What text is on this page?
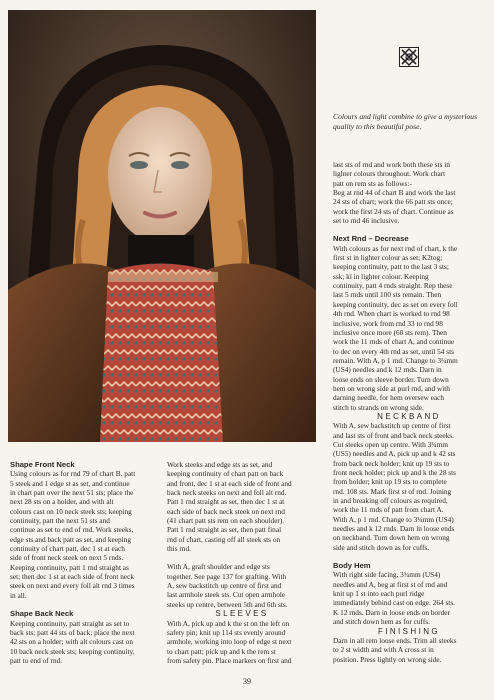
Colours and light combine to give a mysterious quality to this beautiful pose.

Shape Front Neck

Using colours as for rnd 79 of chart B, patt
5 steek and 1 edge st as set, and continue
in chart patt over the next 51 sts; place the
next 28 sts on a holder, and with alt
colours cast on 10 neck steek sts; keeping
continuity, patt the next 51 sts and
continue as set to end of rnd. Work steeks,
edge sts and back patt as set, and keeping
continuity of chart patt, dec 1 st at each
side of front neck steek on next 5 rnds.
Keeping continuity, patt 1 rnd straight as
set; then dec 1 st at each side of front neck
steek on next and every foll alt rnd 3 times
in all.

Shape Back Neck

Keeping continuity, patt straight as set to
back sts; patt 44 sts of back; place the next
42 sts on a holder; with alt colours cast on
10 back neck steek sts; keeping continuity,
patt to end of rnd.
Work steeks and edge sts as set, and
keeping continuity of chart patt on back
and front, dec 1 st at each side of front and
back neck steeks on next and foll alt rnd.
Patt 1 rnd straight as set, then dec 1 st at
each side of back neck steek on next rnd
(41 chart patt sts rem on each shoulder).
Patt 1 rnd straight as set, then patt final
rnd of chart, casting off all steek sts on
this rnd.
With A, graft shoulder and edge sts
together. See page 137 for grafting. With
A, sew backstitch up centre of first and
last armhole steek sts. Cut open armhole
steeks up centre, between 5th and 6th sts.

SLEEVES

With A, pick up and k the st on the left on
safety pin; knit up 114 sts evenly around
armhole, working into loop of edge st next
to chart patt; pick up and k the rem st
from safety pin. Place markers on first and
last sts of rnd and work both these sts in
lighter colours throughout. Work chart
patt on rem sts as follows:-
Beg at rnd 44 of chart B and work the last
24 sts of chart; work the 66 patt sts once;
work the first 24 sts of chart. Continue as
set to rnd 46 inclusive.

Next Rnd – Decrease

With colours as for next rnd of chart, k the
first st in lighter colour as set; K2tog;
keeping continuity, patt to the last 3 sts;
ssk; kl in lighter colour. Keeping
continuity, patt 4 rnds straight. Rep these
last 5 rnds until 100 sts remain. Then
keeping continuity, dec as set on every foll
4th rnd. When chart is worked to rnd 98
inclusive, work from rnd 33 to rnd 98
inclusive once more (60 sts rem). Then
work the 11 rnds of chart A, and continue
to dec on every 4th rnd as set, until 54 sts
remain. With A, p 1 rnd. Change to 3¼mm
(US4) needles and k 12 rnds. Darn in
loose ends on sleeve border. Turn down
hem on wrong side at purl rnd, and with
darning needle, for hem oversew each
stitch to strands on wrong side.

NECKBAND

With A, sew backstitch up centre of first
and last sts of front and back neck steeks.
Cut steeks open up centre. With 3¾mm
(US5) needles and A, pick up and k 42 sts
from back neck holder; knit up 19 sts to
front neck holder; pick up and k the 28 sts
from holder; knit up 19 sts to complete
rnd. 108 sts. Mark first st of rnd. Joining
in and breaking off colours as required,
work the 11 rnds of patt from chart A.
With A, p 1 rnd. Change to 3¼mm (US4)
needles and k 12 rnds. Darn in loose ends
on neckband. Turn down hem on wrong
side and stitch down as for cuffs.

Body Hem

With right side facing, 3¾mm (US4)
needles and A, beg at first st of rnd and
knit up 1 st into each purl ridge
immediately behind cast on edge. 264 sts.
K 12 rnds. Darn in loose ends on border
and stitch down hem as for cuffs.

FINISHING

Darn in all rem loose ends. Trim all steeks
to 2 st width and with A cross st in
position. Press lightly on wrong side.
39
